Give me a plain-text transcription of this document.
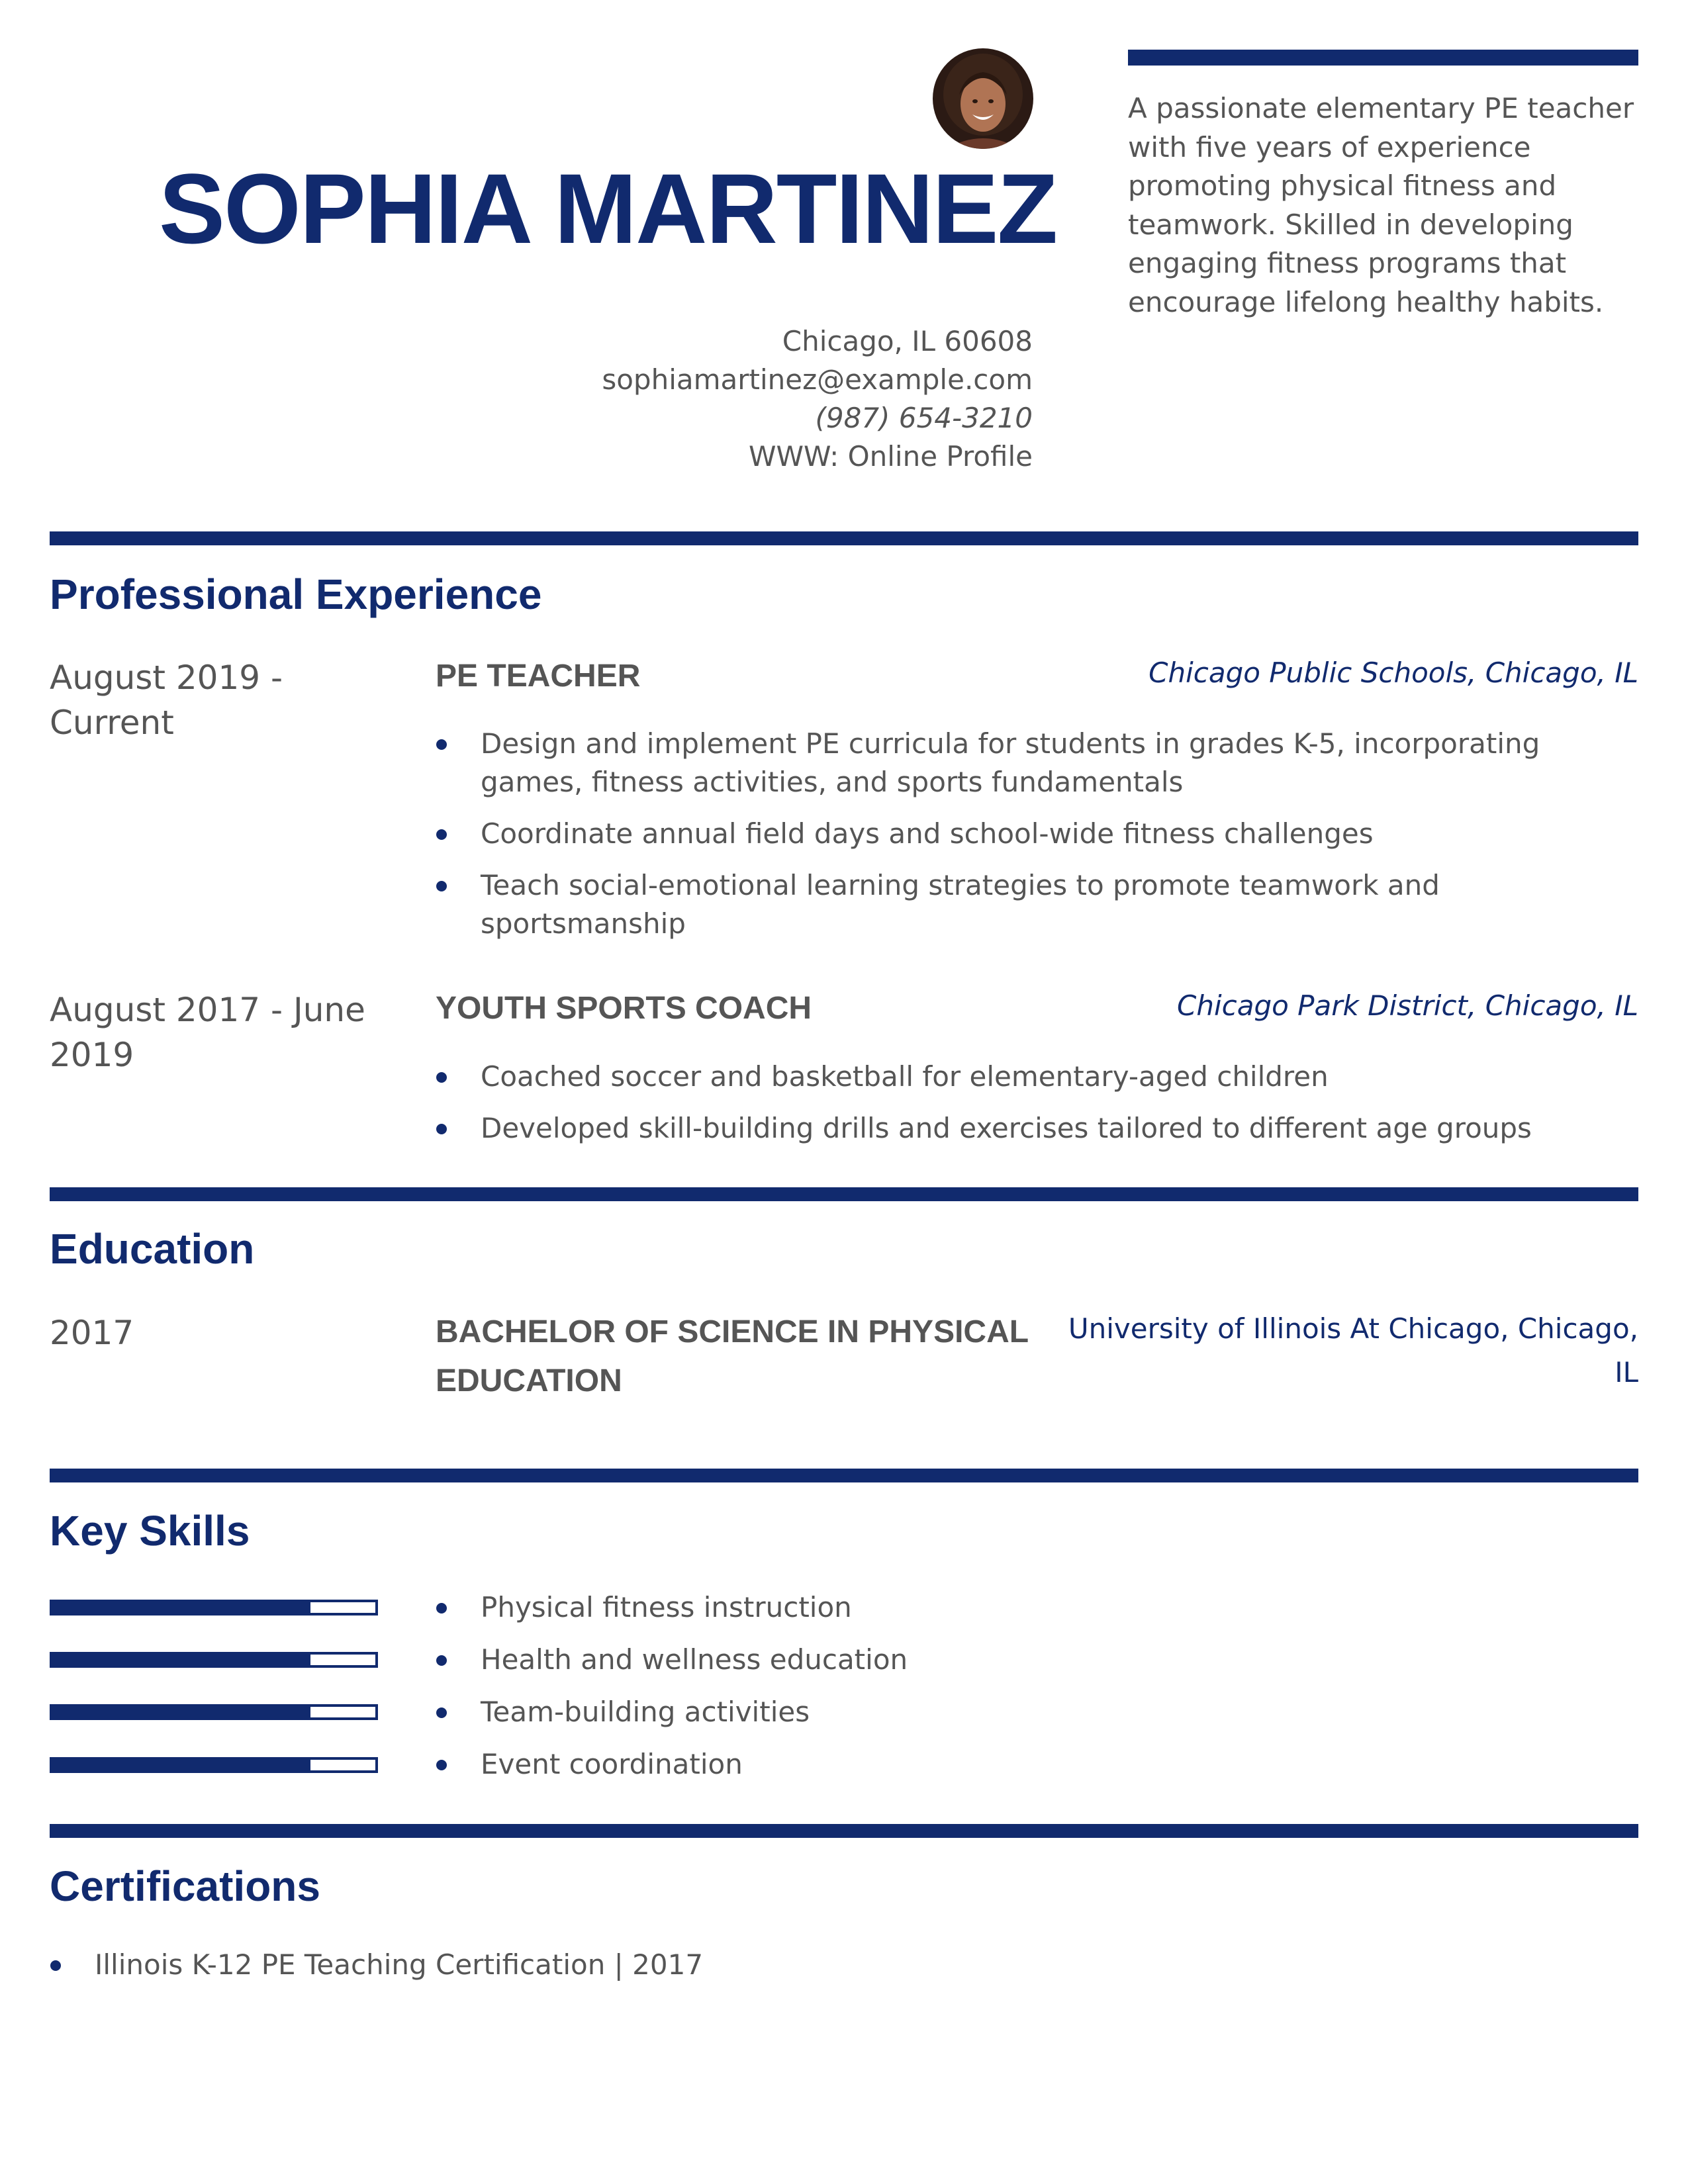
SOPHIA MARTINEZ
Chicago, IL 60608
sophiamartinez@example.com
(987) 654-3210
WWW: Online Profile
A passionate elementary PE teacher with five years of experience promoting physical fitness and teamwork. Skilled in developing engaging fitness programs that encourage lifelong healthy habits.
Professional Experience
August 2019 - Current
PE TEACHER	Chicago Public Schools, Chicago, IL
Design and implement PE curricula for students in grades K-5, incorporating games, fitness activities, and sports fundamentals
Coordinate annual field days and school-wide fitness challenges
Teach social-emotional learning strategies to promote teamwork and sportsmanship
August 2017 - June 2019
YOUTH SPORTS COACH	Chicago Park District, Chicago, IL
Coached soccer and basketball for elementary-aged children
Developed skill-building drills and exercises tailored to different age groups
Education
2017	BACHELOR OF SCIENCE IN PHYSICAL EDUCATION
University of Illinois At Chicago, Chicago, IL
Key Skills
Physical fitness instruction
Health and wellness education
Team-building activities
Event coordination
Certifications
Illinois K-12 PE Teaching Certification | 2017
